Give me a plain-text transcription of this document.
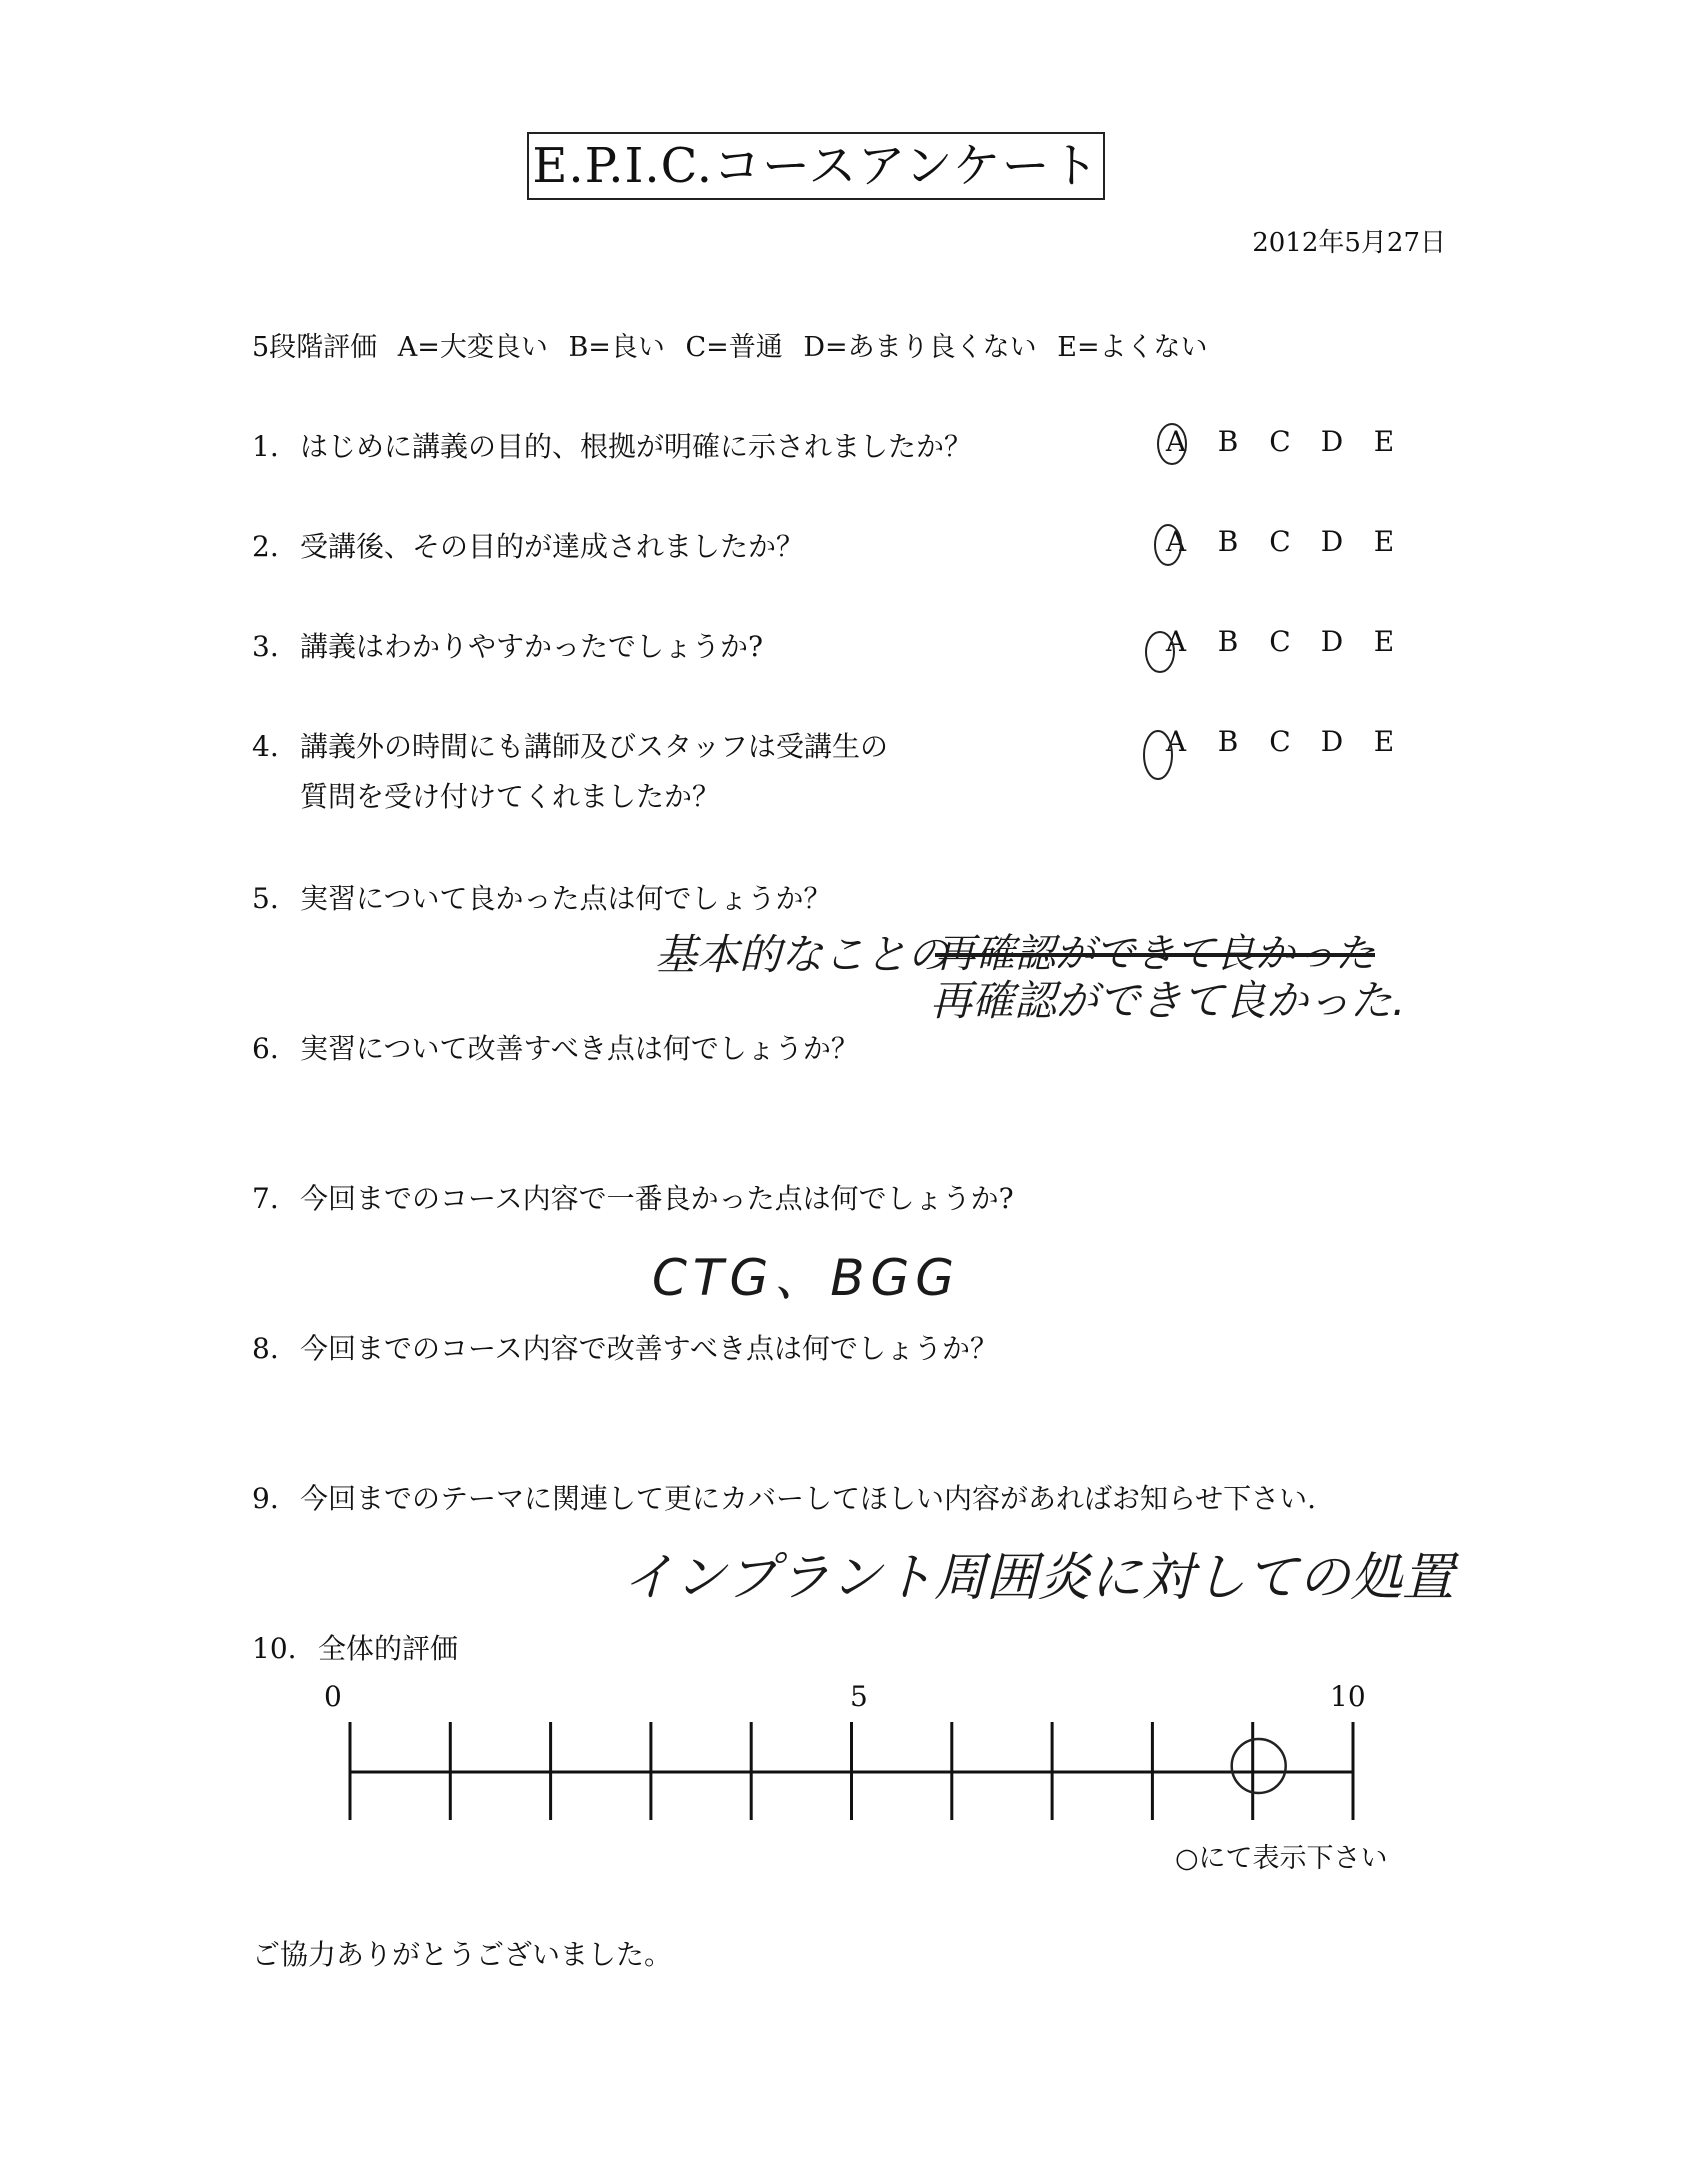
E.P.I.C.コースアンケート
2012年5月27日
5段階評価 A=大変良い B=良い C=普通 D=あまり良くない E=よくない
1. はじめに講義の目的、根拠が明確に示されましたか？	A B C D E
2. 受講後、その目的が達成されましたか？	A B C D E
3. 講義はわかりやすかったでしょうか?	A B C D E
4. 講義外の時間にも講師及びスタッフは受講生の
質問を受け付けてくれましたか？
A B C D E
5. 実習について良かった点は何でしょうか？
基本的なことの
再確認ができて良かった
再確認ができて良かった.
6. 実習について改善すべき点は何でしょうか？
7. 今回までのコース内容で一番良かった点は何でしょうか?
CTG、BGG
8. 今回までのコース内容で改善すべき点は何でしょうか？
9. 今回までのテーマに関連して更にカバーしてほしい内容があればお知らせ下さい.
インプラント周囲炎に対しての処置
10. 全体的評価
0	5	10
○にて表示下さい
ご協力ありがとうございました。
